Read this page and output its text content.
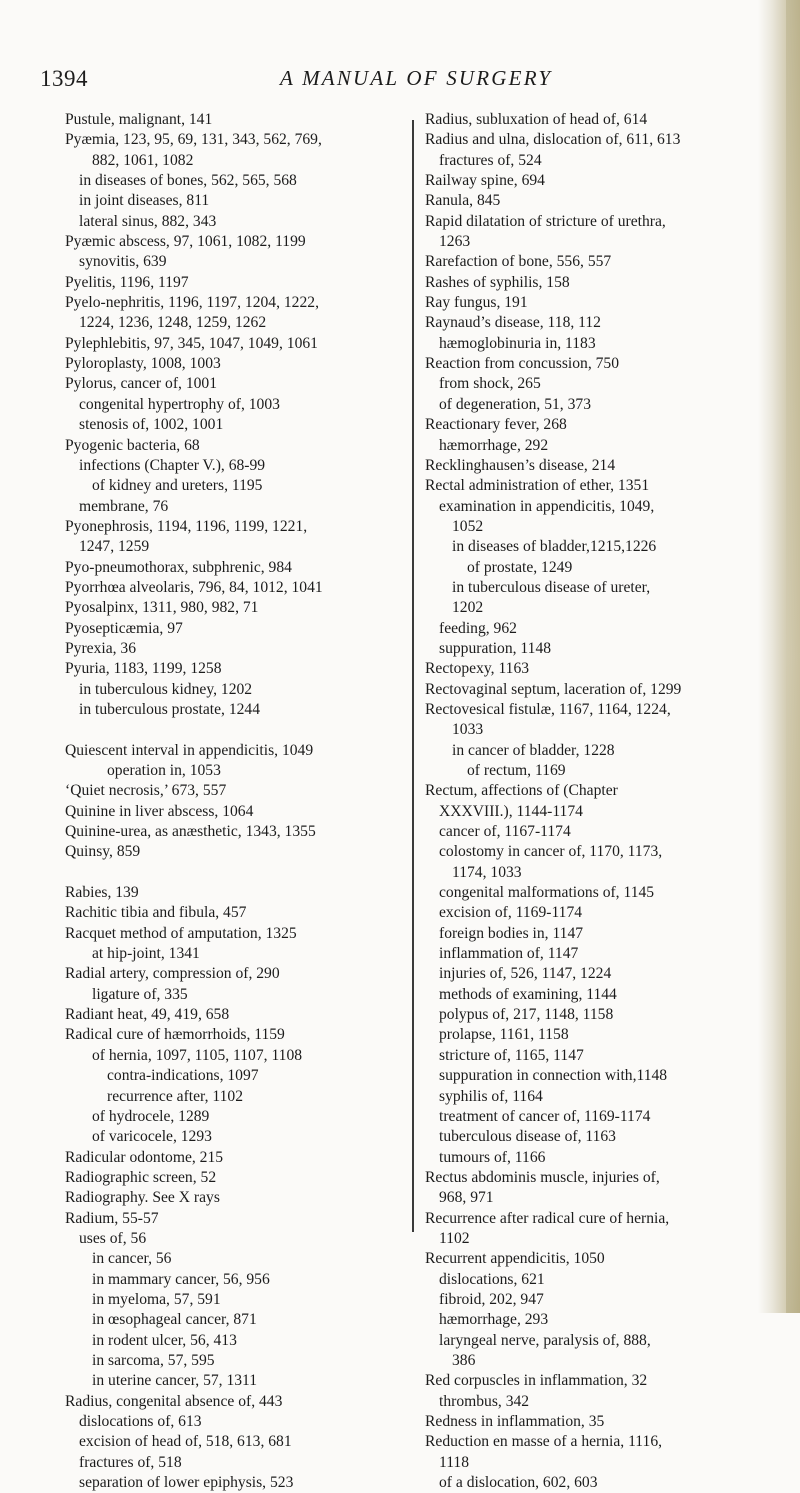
1394	A MANUAL OF SURGERY
Pustule, malignant, 141
Pyæmia, 123, 95, 69, 131, 343, 562, 769,
882, 1061, 1082
in diseases of bones, 562, 565, 568
in joint diseases, 811
lateral sinus, 882, 343
Pyæmic abscess, 97, 1061, 1082, 1199
synovitis, 639
Pyelitis, 1196, 1197
Pyelo-nephritis, 1196, 1197, 1204, 1222,
1224, 1236, 1248, 1259, 1262
Pylephlebitis, 97, 345, 1047, 1049, 1061
Pyloroplasty, 1008, 1003
Pylorus, cancer of, 1001
congenital hypertrophy of, 1003
stenosis of, 1002, 1001
Pyogenic bacteria, 68
infections (Chapter V.), 68-99
of kidney and ureters, 1195
membrane, 76
Pyonephrosis, 1194, 1196, 1199, 1221,
1247, 1259
Pyo-pneumothorax, subphrenic, 984
Pyorrhœa alveolaris, 796, 84, 1012, 1041
Pyosalpinx, 1311, 980, 982, 71
Pyosepticæmia, 97
Pyrexia, 36
Pyuria, 1183, 1199, 1258
in tuberculous kidney, 1202
in tuberculous prostate, 1244
Quiescent interval in appendicitis, 1049
operation in, 1053
‘Quiet necrosis,’ 673, 557
Quinine in liver abscess, 1064
Quinine-urea, as anæsthetic, 1343, 1355
Quinsy, 859
Rabies, 139
Rachitic tibia and fibula, 457
Racquet method of amputation, 1325
at hip-joint, 1341
Radial artery, compression of, 290
ligature of, 335
Radiant heat, 49, 419, 658
Radical cure of hæmorrhoids, 1159
of hernia, 1097, 1105, 1107, 1108
contra-indications, 1097
recurrence after, 1102
of hydrocele, 1289
of varicocele, 1293
Radicular odontome, 215
Radiographic screen, 52
Radiography. See X rays
Radium, 55-57
uses of, 56
in cancer, 56
in mammary cancer, 56, 956
in myeloma, 57, 591
in œsophageal cancer, 871
in rodent ulcer, 56, 413
in sarcoma, 57, 595
in uterine cancer, 57, 1311
Radius, congenital absence of, 443
dislocations of, 613
excision of head of, 518, 613, 681
fractures of, 518
separation of lower epiphysis, 523
Radius, subluxation of head of, 614
Radius and ulna, dislocation of, 611, 613
fractures of, 524
Railway spine, 694
Ranula, 845
Rapid dilatation of stricture of urethra,
1263
Rarefaction of bone, 556, 557
Rashes of syphilis, 158
Ray fungus, 191
Raynaud’s disease, 118, 112
hæmoglobinuria in, 1183
Reaction from concussion, 750
from shock, 265
of degeneration, 51, 373
Reactionary fever, 268
hæmorrhage, 292
Recklinghausen’s disease, 214
Rectal administration of ether, 1351
examination in appendicitis, 1049,
1052
in diseases of bladder,1215,1226
of prostate, 1249
in tuberculous disease of ureter,
1202
feeding, 962
suppuration, 1148
Rectopexy, 1163
Rectovaginal septum, laceration of, 1299
Rectovesical fistulæ, 1167, 1164, 1224,
1033
in cancer of bladder, 1228
of rectum, 1169
Rectum, affections of (Chapter
XXXVIII.), 1144-1174
cancer of, 1167-1174
colostomy in cancer of, 1170, 1173,
1174, 1033
congenital malformations of, 1145
excision of, 1169-1174
foreign bodies in, 1147
inflammation of, 1147
injuries of, 526, 1147, 1224
methods of examining, 1144
polypus of, 217, 1148, 1158
prolapse, 1161, 1158
stricture of, 1165, 1147
suppuration in connection with,1148
syphilis of, 1164
treatment of cancer of, 1169-1174
tuberculous disease of, 1163
tumours of, 1166
Rectus abdominis muscle, injuries of,
968, 971
Recurrence after radical cure of hernia,
1102
Recurrent appendicitis, 1050
dislocations, 621
fibroid, 202, 947
hæmorrhage, 293
laryngeal nerve, paralysis of, 888,
386
Red corpuscles in inflammation, 32
thrombus, 342
Redness in inflammation, 35
Reduction en masse of a hernia, 1116,
1118
of a dislocation, 602, 603
